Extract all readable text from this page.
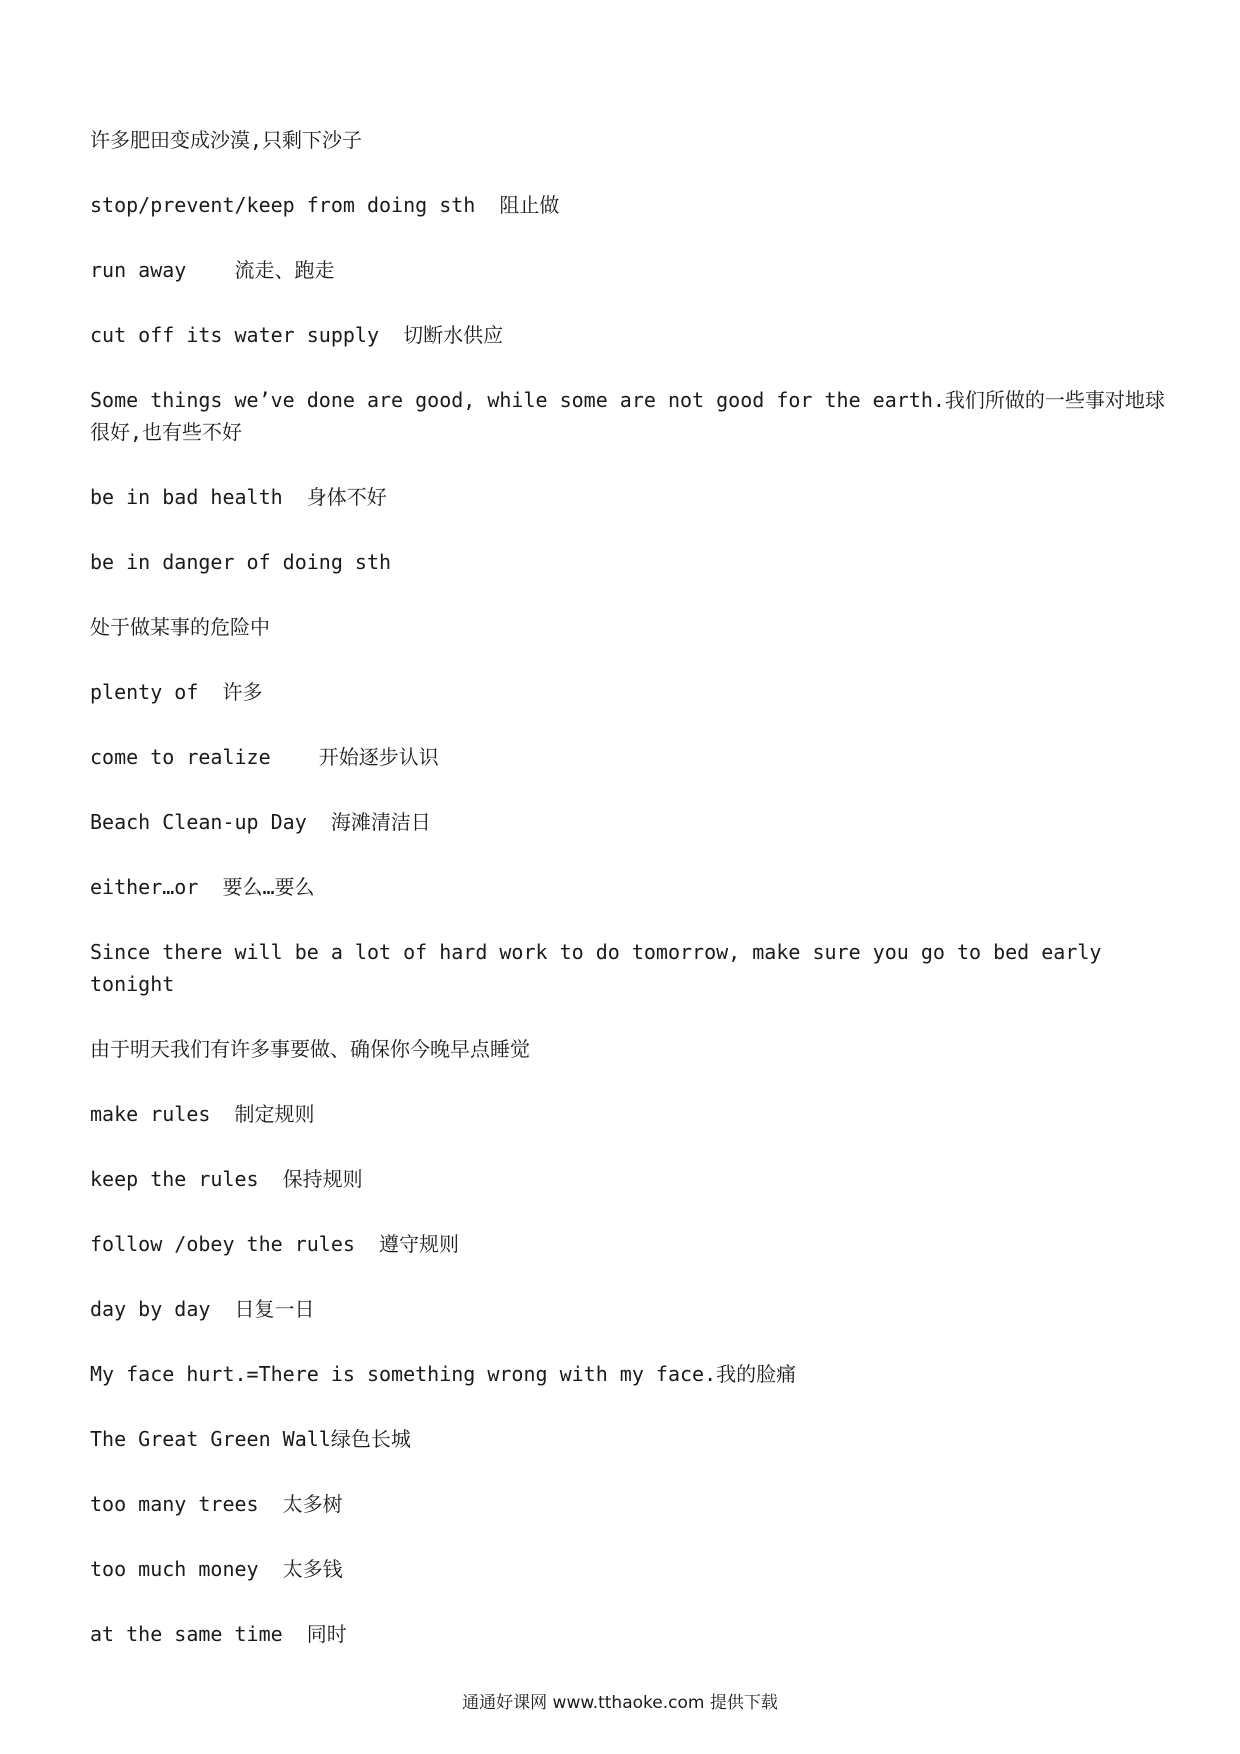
许多肥田变成沙漠,只剩下沙子

stop/prevent/keep from doing sth  阻止做

run away    流走、跑走

cut off its water supply  切断水供应

Some things we’ve done are good, while some are not good for the earth.我们所做的一些事对地球很好,也有些不好

be in bad health  身体不好

be in danger of doing sth

处于做某事的危险中

plenty of  许多

come to realize    开始逐步认识

Beach Clean-up Day  海滩清洁日

either…or  要么…要么

Since there will be a lot of hard work to do tomorrow, make sure you go to bed early tonight

由于明天我们有许多事要做、确保你今晚早点睡觉

make rules  制定规则

keep the rules  保持规则

follow /obey the rules  遵守规则

day by day  日复一日

My face hurt.=There is something wrong with my face.我的脸痛

The Great Green Wall绿色长城

too many trees  太多树

too much money  太多钱

at the same time  同时

通通好课网 www.tthaoke.com 提供下载
